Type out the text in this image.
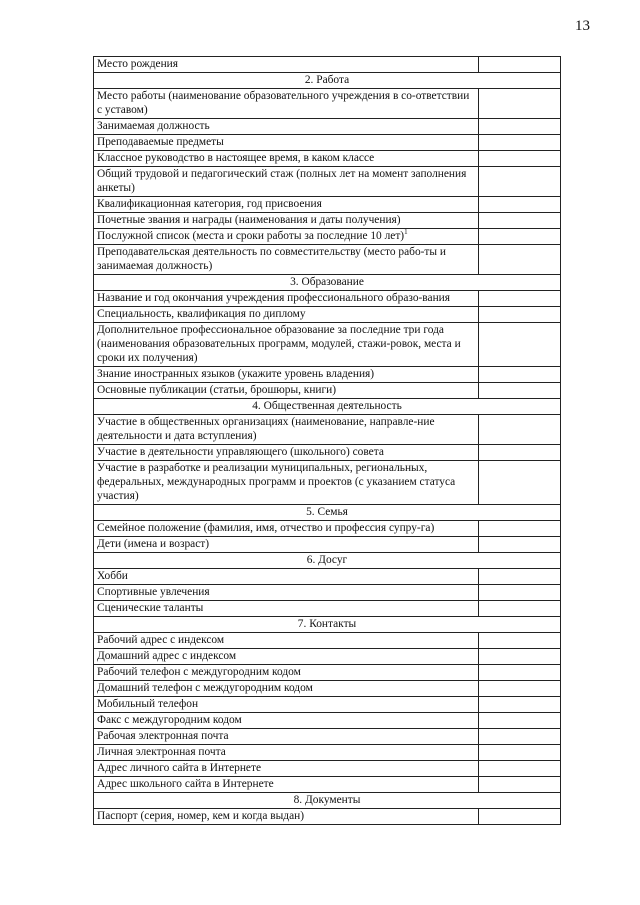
13
Место рождения	
2. Работа	
Место работы (наименование образовательного учреждения в со-ответствии с уставом)	
Занимаемая должность	
Преподаваемые предметы	
Классное руководство в настоящее время, в каком классе	
Общий трудовой и педагогический стаж (полных лет на момент заполнения анкеты)	
Квалификационная категория, год присвоения	
Почетные звания и награды (наименования и даты получения)	
Послужной список (места и сроки работы за последние 10 лет)$^1$	
Преподавательская деятельность по совместительству (место рабо-ты и занимаемая должность)	
3. Образование	
Название и год окончания учреждения профессионального образо-вания	
Специальность, квалификация по диплому	
Дополнительное профессиональное образование за последние три года (наименования образовательных программ, модулей, стажи-ровок, места и сроки их получения)	
Знание иностранных языков (укажите уровень владения)	
Основные публикации (статьи, брошюры, книги)	
4. Общественная деятельность	
Участие в общественных организациях (наименование, направле-ние деятельности и дата вступления)	
Участие в деятельности управляющего (школьного) совета	
Участие в разработке и реализации муниципальных, региональных, федеральных, международных программ и проектов (с указанием статуса участия)	
5. Семья	
Семейное положение (фамилия, имя, отчество и профессия супру-га)	
Дети (имена и возраст)	
6. Досуг	
Хобби	
Спортивные увлечения	
Сценические таланты	
7. Контакты	
Рабочий адрес с индексом	
Домашний адрес с индексом	
Рабочий телефон с междугородним кодом	
Домашний телефон с междугородним кодом	
Мобильный телефон	
Факс с междугородним кодом	
Рабочая электронная почта	
Личная электронная почта	
Адрес личного сайта в Интернете	
Адрес школьного сайта в Интернете	
8. Документы	
Паспорт (серия, номер, кем и когда выдан)	
